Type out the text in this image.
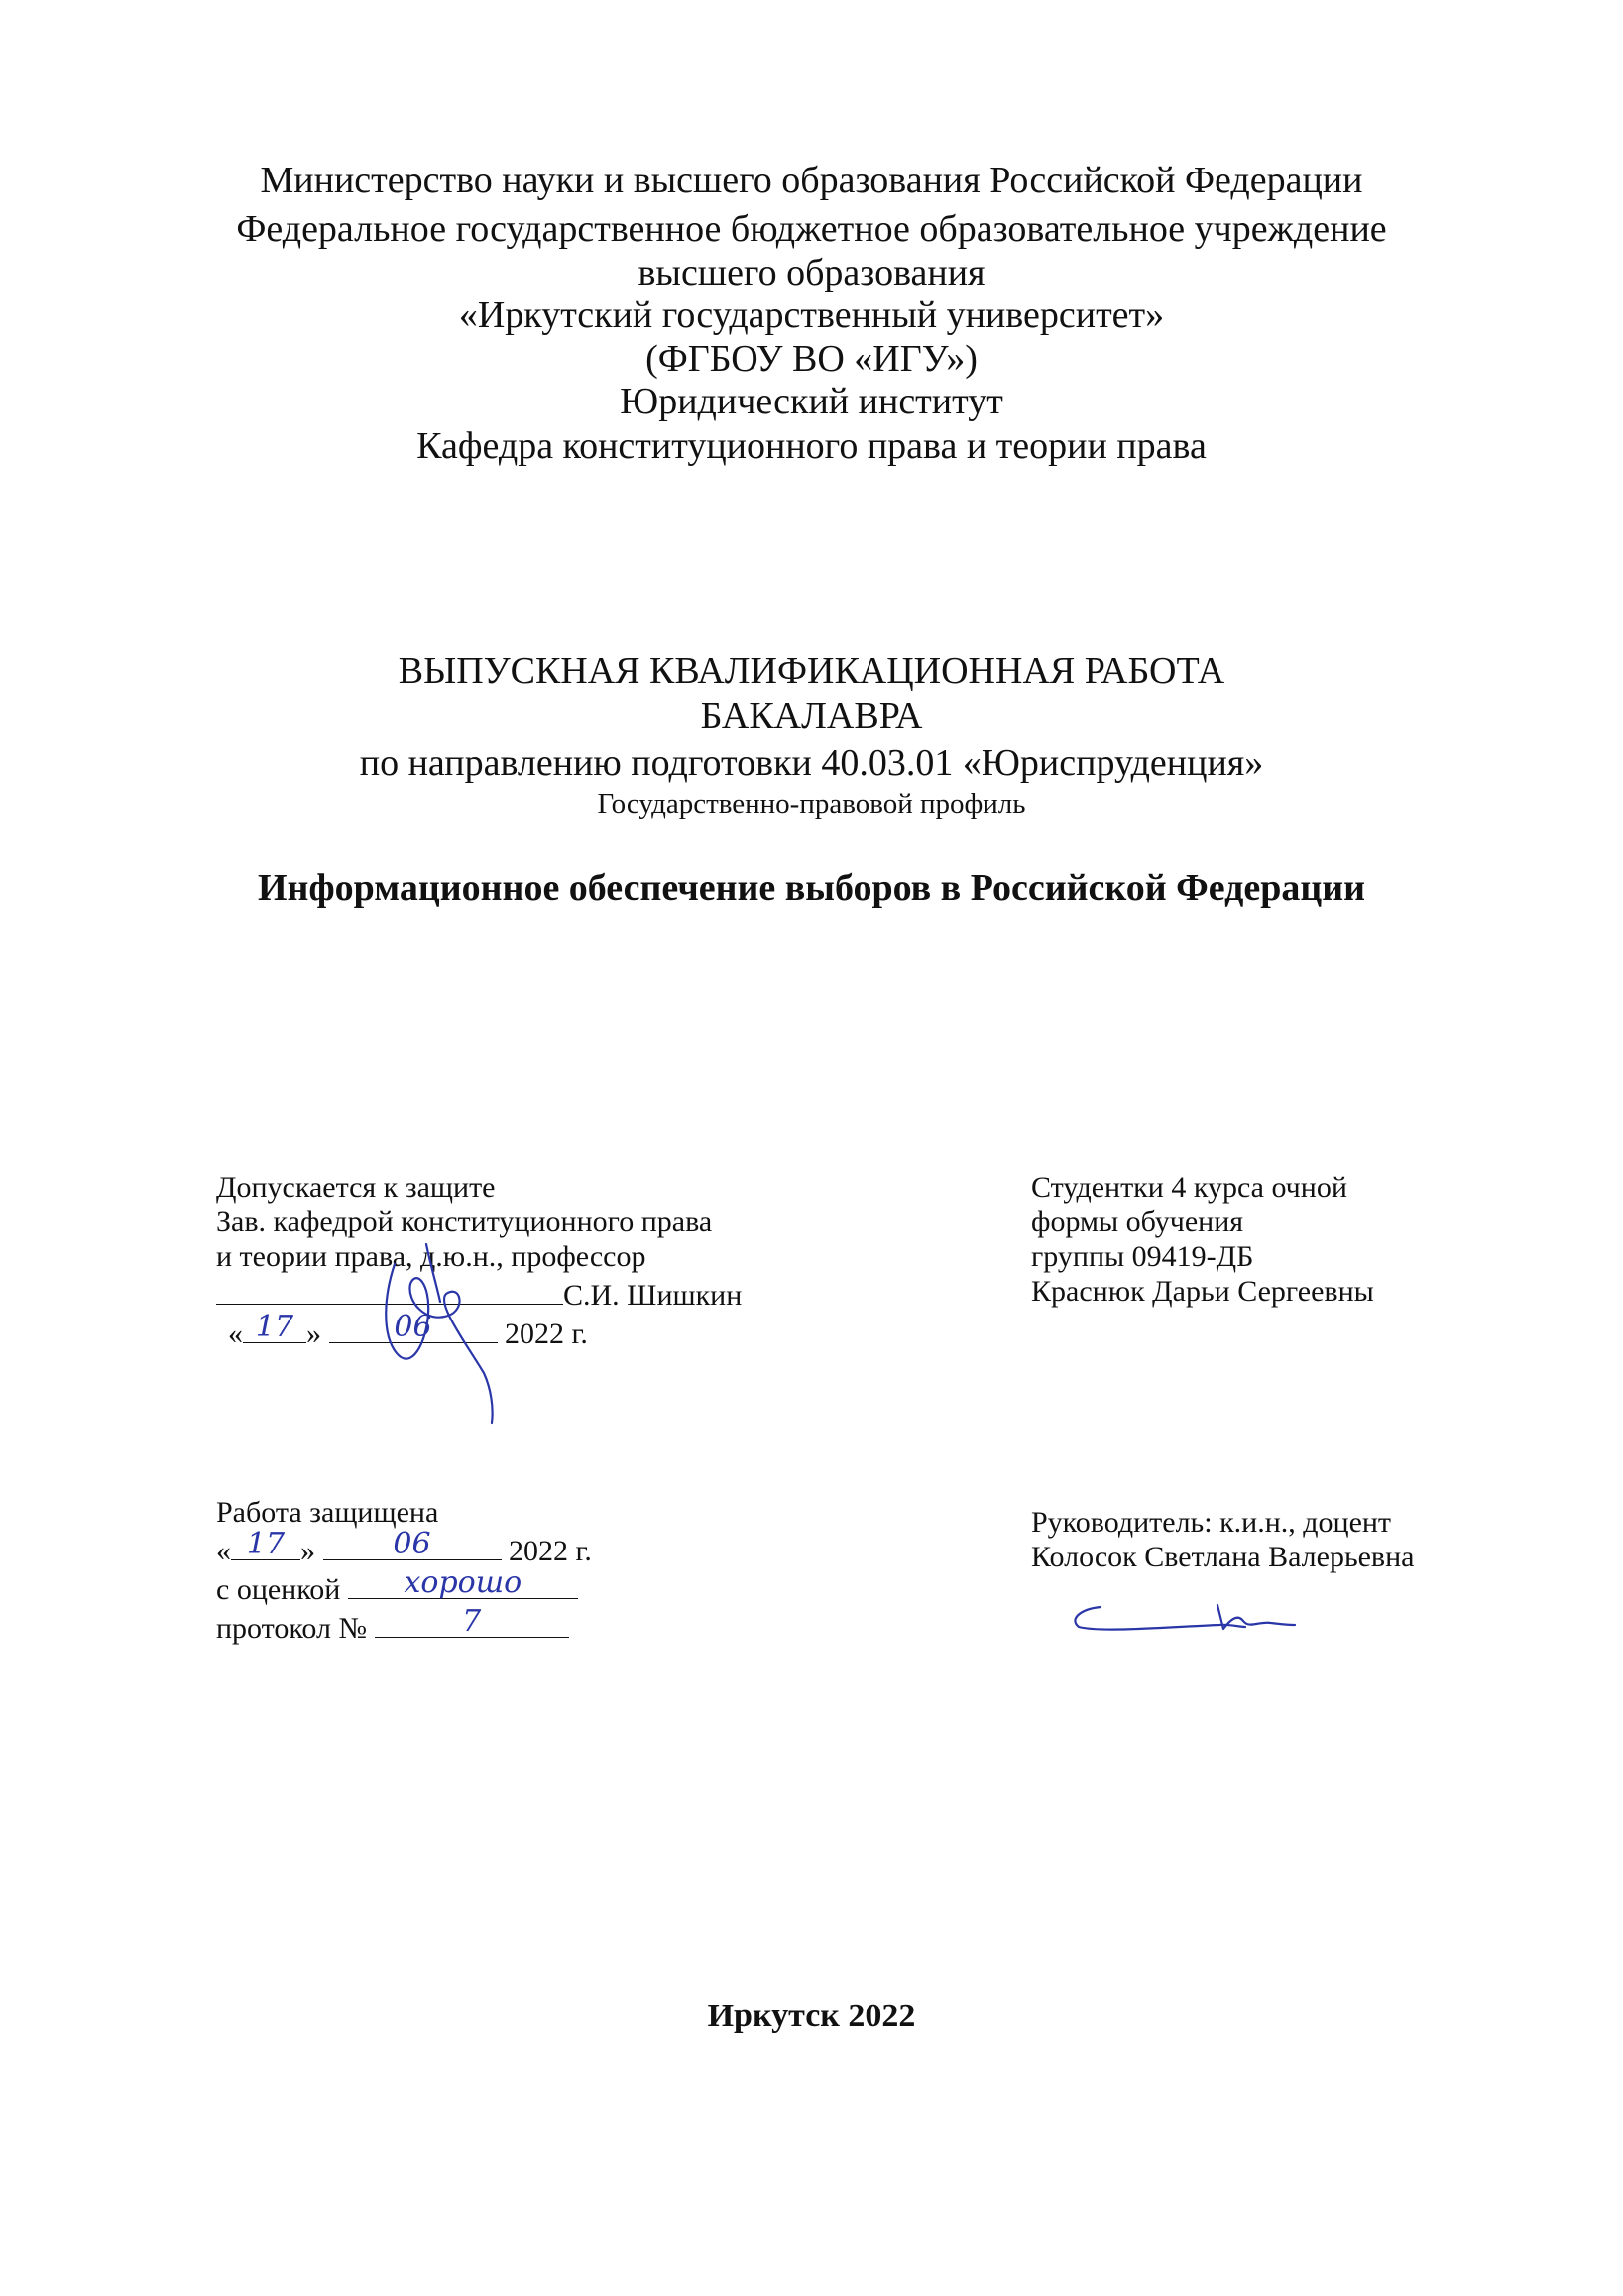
Министерство науки и высшего образования Российской Федерации
Федеральное государственное бюджетное образовательное учреждение
высшего образования
«Иркутский государственный университет»
(ФГБОУ ВО «ИГУ»)
Юридический институт
Кафедра конституционного права и теории права
ВЫПУСКНАЯ КВАЛИФИКАЦИОННАЯ РАБОТА
БАКАЛАВРА
по направлению подготовки 40.03.01 «Юриспруденция»
Государственно-правовой профиль
Информационное обеспечение выборов в Российской Федерации
Допускается к защите
Зав. кафедрой конституционного права
и теории права, д.ю.н., профессор
С.И. Шишкин
« 17 »	06	2022 г.
Студентки 4 курса очной
формы обучения
группы 09419-ДБ
Краснюк Дарьи Сергеевны
Работа защищена
« 17 »	06	2022 г.
с оценкой	хорошо
протокол №	7
Руководитель: к.и.н., доцент
Колосок Светлана Валерьевна
Иркутск 2022
